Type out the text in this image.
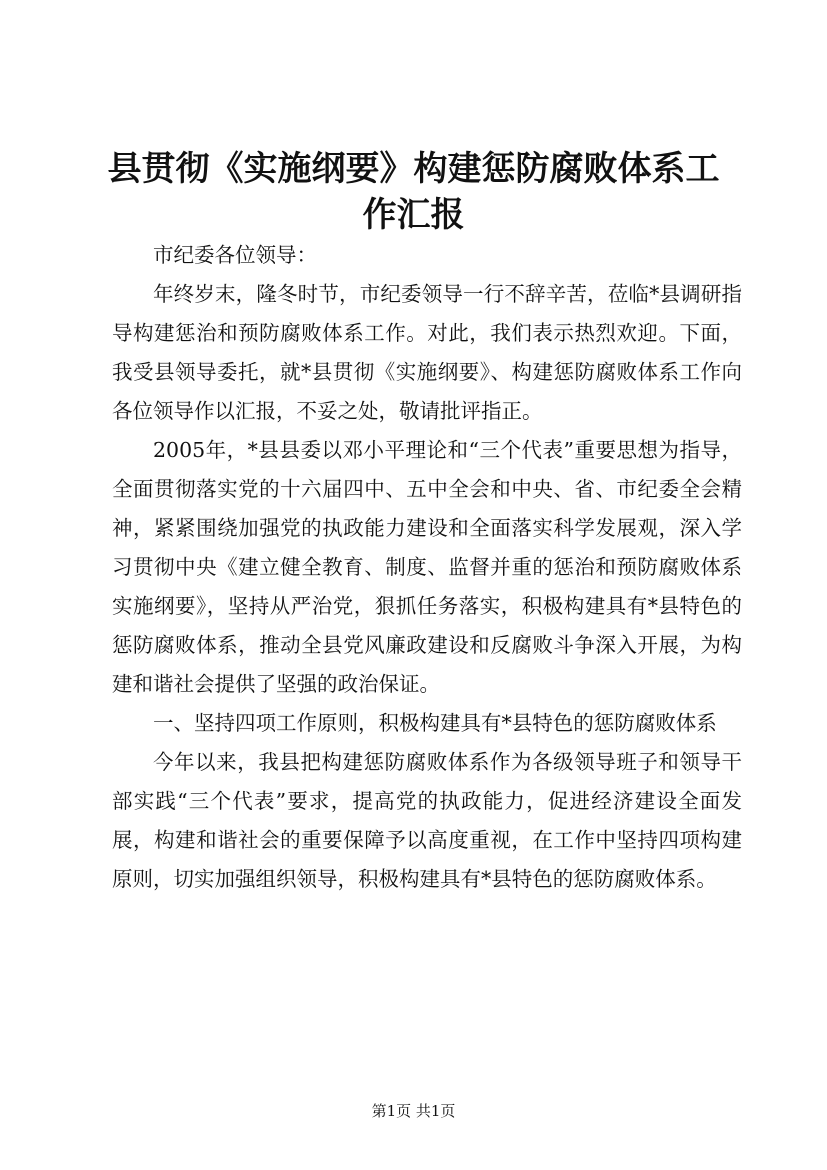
县贯彻《实施纲要》构建惩防腐败体系工作汇报

市纪委各位领导：

年终岁末，隆冬时节，市纪委领导一行不辞辛苦，莅临*县调研指导构建惩治和预防腐败体系工作。对此，我们表示热烈欢迎。下面，我受县领导委托，就*县贯彻《实施纲要》、构建惩防腐败体系工作向各位领导作以汇报，不妥之处，敬请批评指正。

2005年，*县县委以邓小平理论和“三个代表”重要思想为指导，全面贯彻落实党的十六届四中、五中全会和中央、省、市纪委全会精神，紧紧围绕加强党的执政能力建设和全面落实科学发展观，深入学习贯彻中央《建立健全教育、制度、监督并重的惩治和预防腐败体系实施纲要》，坚持从严治党，狠抓任务落实，积极构建具有*县特色的惩防腐败体系，推动全县党风廉政建设和反腐败斗争深入开展，为构建和谐社会提供了坚强的政治保证。

一、坚持四项工作原则，积极构建具有*县特色的惩防腐败体系

今年以来，我县把构建惩防腐败体系作为各级领导班子和领导干部实践“三个代表”要求，提高党的执政能力，促进经济建设全面发展，构建和谐社会的重要保障予以高度重视，在工作中坚持四项构建原则，切实加强组织领导，积极构建具有*县特色的惩防腐败体系。

第1页 共1页
